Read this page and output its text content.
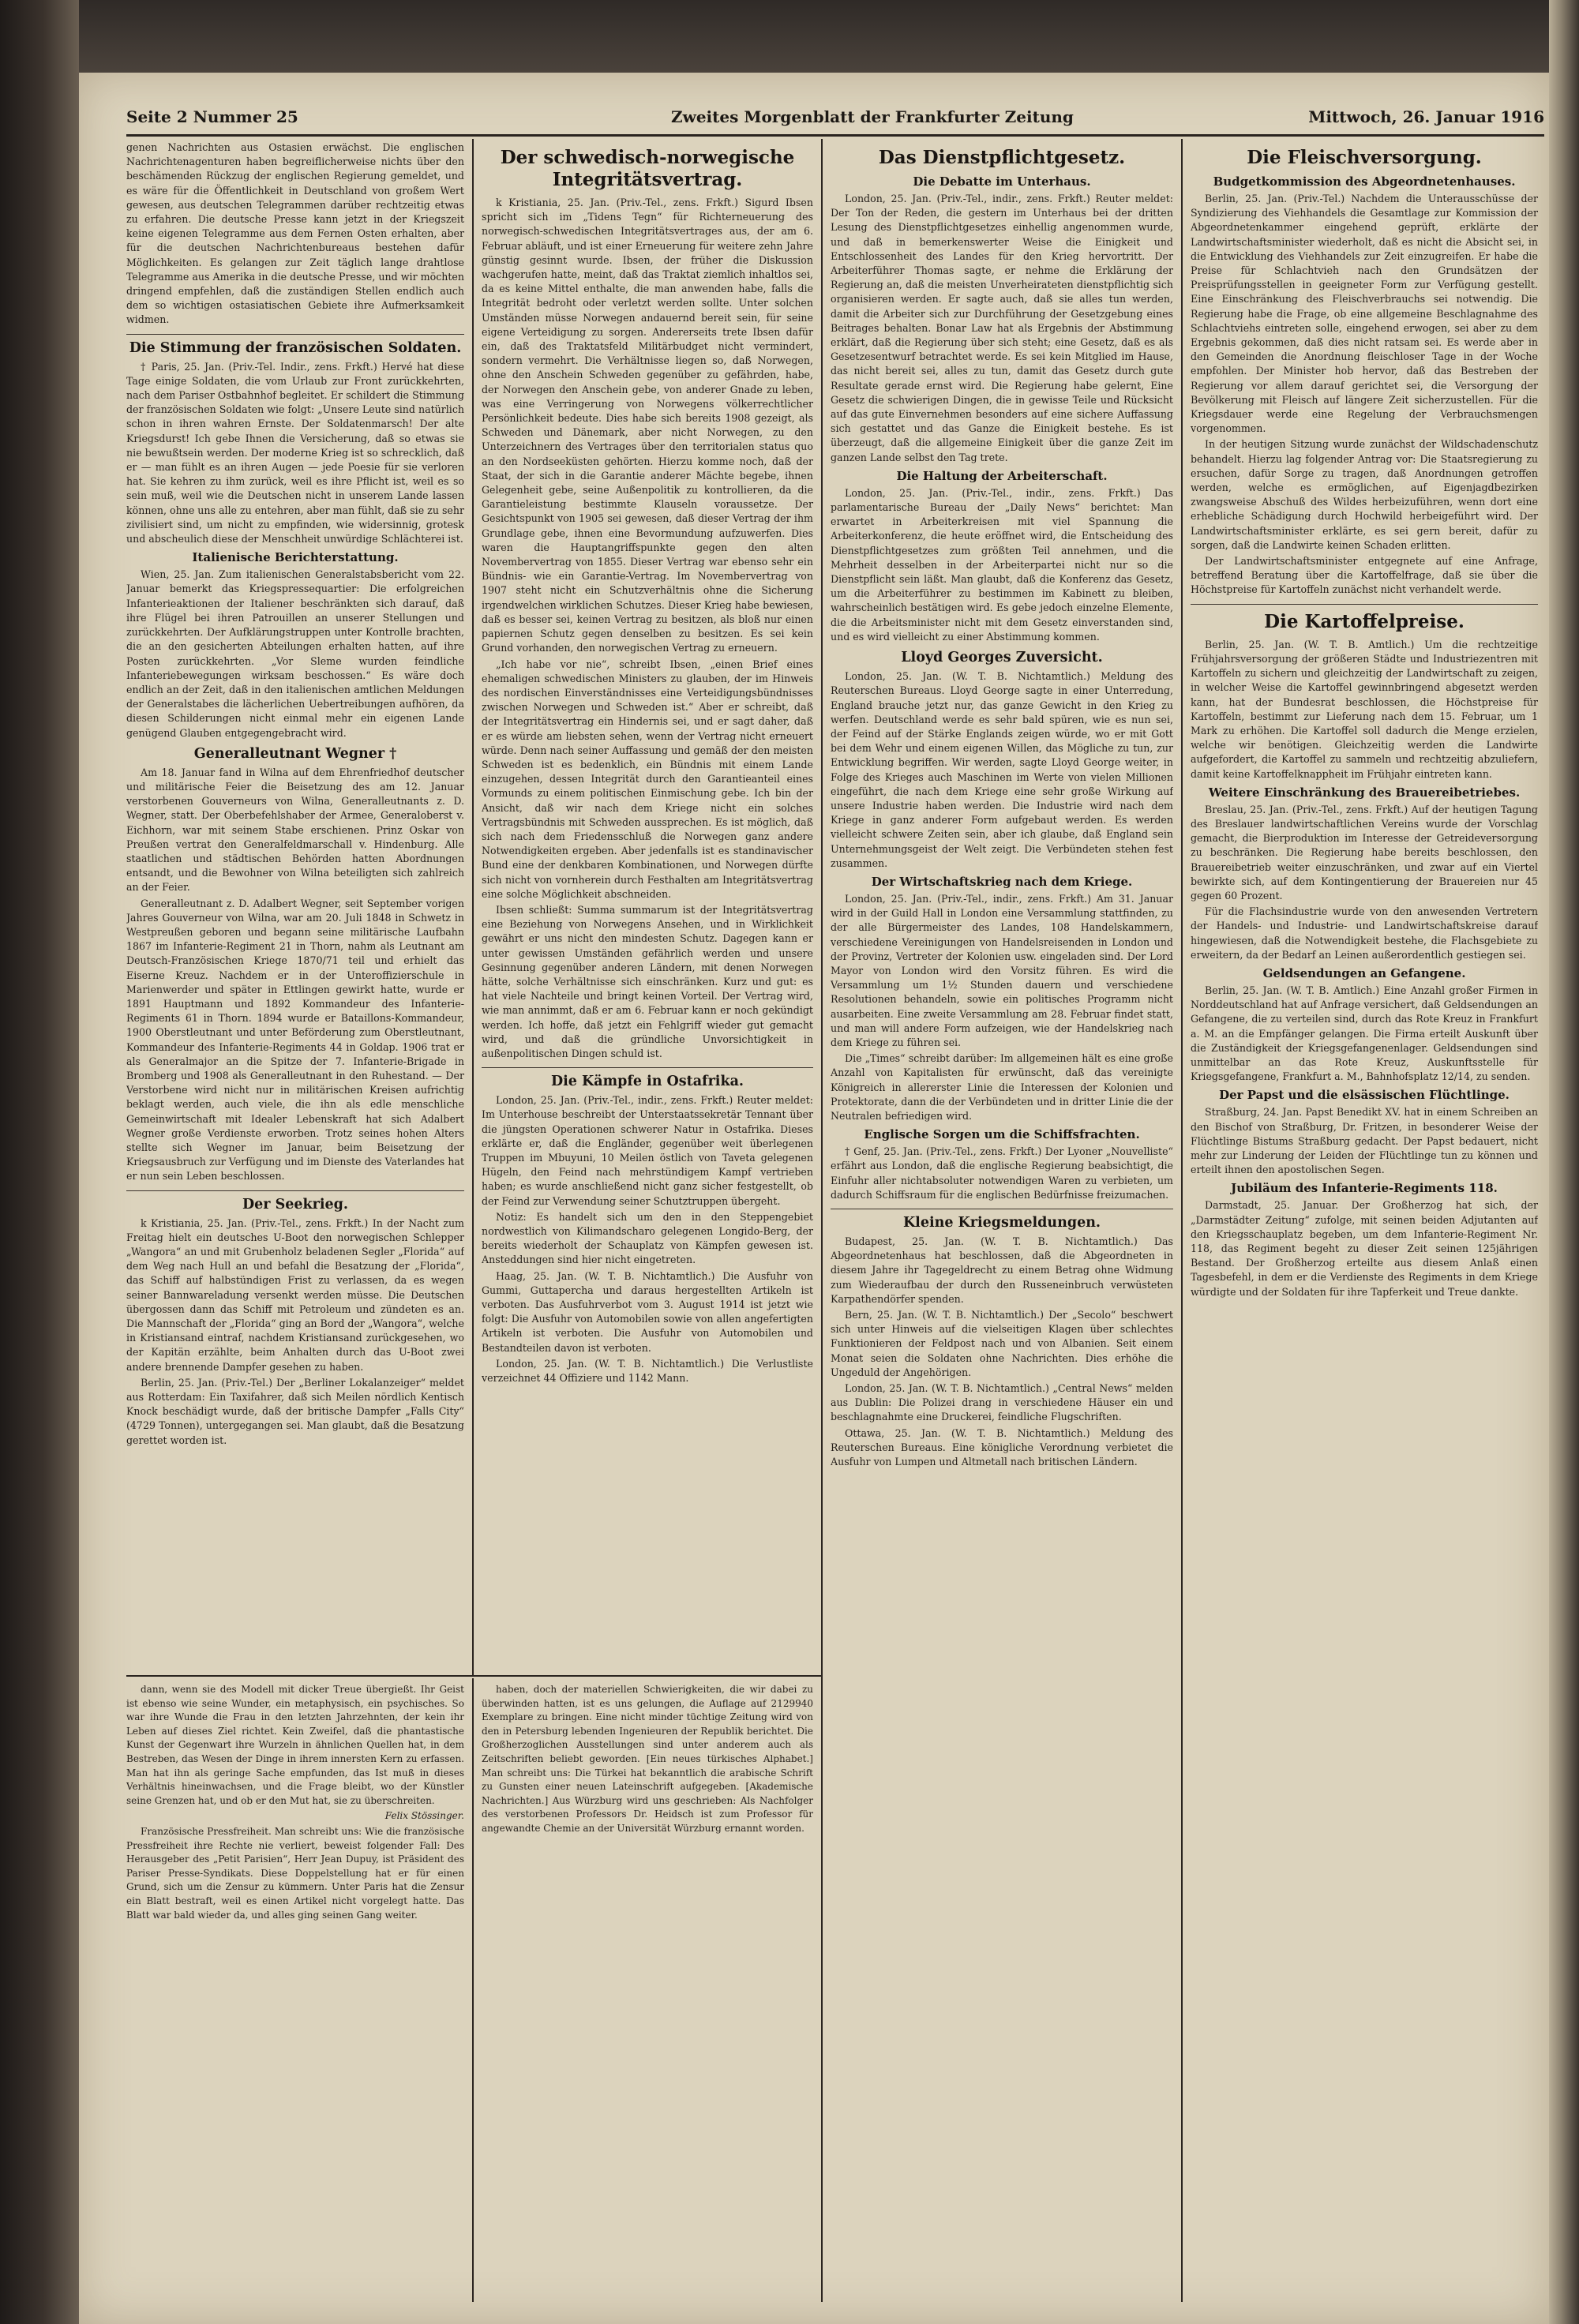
Seite 2 Nummer 25	Zweites Morgenblatt der Frankfurter Zeitung	Mittwoch, 26. Januar 1916

genen Nachrichten aus Ostasien erwächst. Die englischen Nachrichtenagenturen haben begreiflicherweise nichts über den beschämenden Rückzug der englischen Regierung gemeldet, und es wäre für die Öffentlichkeit in Deutschland von großem Wert gewesen, aus deutschen Telegrammen darüber rechtzeitig etwas zu erfahren. Die deutsche Presse kann jetzt in der Kriegszeit keine eigenen Telegramme aus dem Fernen Osten erhalten, aber für die deutschen Nachrichtenbureaus bestehen dafür Möglichkeiten. Es gelangen zur Zeit täglich lange drahtlose Telegramme aus Amerika in die deutsche Presse, und wir möchten dringend empfehlen, daß die zuständigen Stellen endlich auch dem so wichtigen ostasiatischen Gebiete ihre Aufmerksamkeit widmen.

Die Stimmung der französischen Soldaten.

† Paris, 25. Jan. (Priv.-Tel. Indir., zens. Frkft.) Hervé hat diese Tage einige Soldaten, die vom Urlaub zur Front zurückkehrten, nach dem Pariser Ostbahnhof begleitet. Er schildert die Stimmung der französischen Soldaten wie folgt: „Unsere Leute sind natürlich schon in ihren wahren Ernste. Der Soldatenmarsch! Der alte Kriegsdurst! Ich gebe Ihnen die Versicherung, daß so etwas sie nie bewußtsein werden. Der moderne Krieg ist so schrecklich, daß er — man fühlt es an ihren Augen — jede Poesie für sie verloren hat. Sie kehren zu ihm zurück, weil es ihre Pflicht ist, weil es so sein muß, weil wie die Deutschen nicht in unserem Lande lassen können, ohne uns alle zu entehren, aber man fühlt, daß sie zu sehr zivilisiert sind, um nicht zu empfinden, wie widersinnig, grotesk und abscheulich diese der Menschheit unwürdige Schlächterei ist.

Italienische Berichterstattung.

Wien, 25. Jan. Zum italienischen Generalstabsbericht vom 22. Januar bemerkt das Kriegspressequartier: Die erfolgreichen Infanterieaktionen der Italiener beschränkten sich darauf, daß ihre Flügel bei ihren Patrouillen an unserer Stellungen und zurückkehrten. Der Aufklärungstruppen unter Kontrolle brachten, die an den gesicherten Abteilungen erhalten hatten, auf ihre Posten zurückkehrten. „Vor Sleme wurden feindliche Infanteriebewegungen wirksam beschossen.“ Es wäre doch endlich an der Zeit, daß in den italienischen amtlichen Meldungen der Generalstabes die lächerlichen Uebertreibungen aufhören, da diesen Schilderungen nicht einmal mehr ein eigenen Lande genügend Glauben entgegengebracht wird.

Generalleutnant Wegner †

Am 18. Januar fand in Wilna auf dem Ehrenfriedhof deutscher und militärische Feier die Beisetzung des am 12. Januar verstorbenen Gouverneurs von Wilna, Generalleutnants z. D. Wegner, statt. Der Oberbefehlshaber der Armee, Generaloberst v. Eichhorn, war mit seinem Stabe erschienen. Prinz Oskar von Preußen vertrat den Generalfeldmarschall v. Hindenburg. Alle staatlichen und städtischen Behörden hatten Abordnungen entsandt, und die Bewohner von Wilna beteiligten sich zahlreich an der Feier.

Generalleutnant z. D. Adalbert Wegner, seit September vorigen Jahres Gouverneur von Wilna, war am 20. Juli 1848 in Schwetz in Westpreußen geboren und begann seine militärische Laufbahn 1867 im Infanterie-Regiment 21 in Thorn, nahm als Leutnant am Deutsch-Französischen Kriege 1870/71 teil und erhielt das Eiserne Kreuz. Nachdem er in der Unteroffizierschule in Marienwerder und später in Ettlingen gewirkt hatte, wurde er 1891 Hauptmann und 1892 Kommandeur des Infanterie-Regiments 61 in Thorn. 1894 wurde er Bataillons-Kommandeur, 1900 Oberstleutnant und unter Beförderung zum Oberstleutnant, Kommandeur des Infanterie-Regiments 44 in Goldap. 1906 trat er als Generalmajor an die Spitze der 7. Infanterie-Brigade in Bromberg und 1908 als Generalleutnant in den Ruhestand. — Der Verstorbene wird nicht nur in militärischen Kreisen aufrichtig beklagt werden, auch viele, die ihn als edle menschliche Gemeinwirtschaft mit Idealer Lebenskraft hat sich Adalbert Wegner große Verdienste erworben. Trotz seines hohen Alters stellte sich Wegner im Januar, beim Beisetzung der Kriegsausbruch zur Verfügung und im Dienste des Vaterlandes hat er nun sein Leben beschlossen.

Der Seekrieg.

k Kristiania, 25. Jan. (Priv.-Tel., zens. Frkft.) In der Nacht zum Freitag hielt ein deutsches U-Boot den norwegischen Schlepper „Wangora“ an und mit Grubenholz beladenen Segler „Florida“ auf dem Weg nach Hull an und befahl die Besatzung der „Florida“, das Schiff auf halbstündigen Frist zu verlassen, da es wegen seiner Bannwareladung versenkt werden müsse. Die Deutschen übergossen dann das Schiff mit Petroleum und zündeten es an. Die Mannschaft der „Florida“ ging an Bord der „Wangora“, welche in Kristiansand eintraf, nachdem Kristiansand zurückgesehen, wo der Kapitän erzählte, beim Anhalten durch das U-Boot zwei andere brennende Dampfer gesehen zu haben.

Berlin, 25. Jan. (Priv.-Tel.) Der „Berliner Lokalanzeiger“ meldet aus Rotterdam: Ein Taxifahrer, daß sich Meilen nördlich Kentisch Knock beschädigt wurde, daß der britische Dampfer „Falls City“ (4729 Tonnen), untergegangen sei. Man glaubt, daß die Besatzung gerettet worden ist.

Der schwedisch-norwegische Integritätsvertrag.

k Kristiania, 25. Jan. (Priv.-Tel., zens. Frkft.) Sigurd Ibsen spricht sich im „Tidens Tegn“ für Richterneuerung des norwegisch-schwedischen Integritätsvertrages aus, der am 6. Februar abläuft, und ist einer Erneuerung für weitere zehn Jahre günstig gesinnt wurde. Ibsen, der früher die Diskussion wachgerufen hatte, meint, daß das Traktat ziemlich inhaltlos sei, da es keine Mittel enthalte, die man anwenden habe, falls die Integrität bedroht oder verletzt werden sollte. Unter solchen Umständen müsse Norwegen andauernd bereit sein, für seine eigene Verteidigung zu sorgen. Andererseits trete Ibsen dafür ein, daß des Traktatsfeld Militärbudget nicht vermindert, sondern vermehrt. Die Verhältnisse liegen so, daß Norwegen, ohne den Anschein Schweden gegenüber zu gefährden, habe, der Norwegen den Anschein gebe, von anderer Gnade zu leben, was eine Verringerung von Norwegens völkerrechtlicher Persönlichkeit bedeute. Dies habe sich bereits 1908 gezeigt, als Schweden und Dänemark, aber nicht Norwegen, zu den Unterzeichnern des Vertrages über den territorialen status quo an den Nordseeküsten gehörten. Hierzu komme noch, daß der Staat, der sich in die Garantie anderer Mächte begebe, ihnen Gelegenheit gebe, seine Außenpolitik zu kontrollieren, da die Garantieleistung bestimmte Klauseln voraussetze. Der Gesichtspunkt von 1905 sei gewesen, daß dieser Vertrag der ihm Grundlage gebe, ihnen eine Bevormundung aufzuwerfen. Dies waren die Hauptangriffspunkte gegen den alten Novembervertrag von 1855. Dieser Vertrag war ebenso sehr ein Bündnis- wie ein Garantie-Vertrag. Im Novembervertrag von 1907 steht nicht ein Schutzverhältnis ohne die Sicherung irgendwelchen wirklichen Schutzes. Dieser Krieg habe bewiesen, daß es besser sei, keinen Vertrag zu besitzen, als bloß nur einen papiernen Schutz gegen denselben zu besitzen. Es sei kein Grund vorhanden, den norwegischen Vertrag zu erneuern.

„Ich habe vor nie“, schreibt Ibsen, „einen Brief eines ehemaligen schwedischen Ministers zu glauben, der im Hinweis des nordischen Einverständnisses eine Verteidigungsbündnisses zwischen Norwegen und Schweden ist.“ Aber er schreibt, daß der Integritätsvertrag ein Hindernis sei, und er sagt daher, daß er es würde am liebsten sehen, wenn der Vertrag nicht erneuert würde. Denn nach seiner Auffassung und gemäß der den meisten Schweden ist es bedenklich, ein Bündnis mit einem Lande einzugehen, dessen Integrität durch den Garantieanteil eines Vormunds zu einem politischen Einmischung gebe. Ich bin der Ansicht, daß wir nach dem Kriege nicht ein solches Vertragsbündnis mit Schweden aussprechen. Es ist möglich, daß sich nach dem Friedensschluß die Norwegen ganz andere Notwendigkeiten ergeben. Aber jedenfalls ist es standinavischer Bund eine der denkbaren Kombinationen, und Norwegen dürfte sich nicht von vornherein durch Festhalten am Integritätsvertrag eine solche Möglichkeit abschneiden.

Ibsen schließt: Summa summarum ist der Integritätsvertrag eine Beziehung von Norwegens Ansehen, und in Wirklichkeit gewährt er uns nicht den mindesten Schutz. Dagegen kann er unter gewissen Umständen gefährlich werden und unsere Gesinnung gegenüber anderen Ländern, mit denen Norwegen hätte, solche Verhältnisse sich einschränken. Kurz und gut: es hat viele Nachteile und bringt keinen Vorteil. Der Vertrag wird, wie man annimmt, daß er am 6. Februar kann er noch gekündigt werden. Ich hoffe, daß jetzt ein Fehlgriff wieder gut gemacht wird, und daß die gründliche Unvorsichtigkeit in außenpolitischen Dingen schuld ist.

Die Kämpfe in Ostafrika.

London, 25. Jan. (Priv.-Tel., indir., zens. Frkft.) Reuter meldet: Im Unterhouse beschreibt der Unterstaatssekretär Tennant über die jüngsten Operationen schwerer Natur in Ostafrika. Dieses erklärte er, daß die Engländer, gegenüber weit überlegenen Truppen im Mbuyuni, 10 Meilen östlich von Taveta gelegenen Hügeln, den Feind nach mehrstündigem Kampf vertrieben haben; es wurde anschließend nicht ganz sicher festgestellt, ob der Feind zur Verwendung seiner Schutztruppen übergeht.

Notiz: Es handelt sich um den in den Steppengebiet nordwestlich von Kilimandscharo gelegenen Longido-Berg, der bereits wiederholt der Schauplatz von Kämpfen gewesen ist. Ansteddungen sind hier nicht eingetreten.

Haag, 25. Jan. (W. T. B. Nichtamtlich.) Die Ausfuhr von Gummi, Guttapercha und daraus hergestellten Artikeln ist verboten. Das Ausfuhrverbot vom 3. August 1914 ist jetzt wie folgt: Die Ausfuhr von Automobilen sowie von allen angefertigten Artikeln ist verboten. Die Ausfuhr von Automobilen und Bestandteilen davon ist verboten.

London, 25. Jan. (W. T. B. Nichtamtlich.) Die Verlustliste verzeichnet 44 Offiziere und 1142 Mann.

Das Dienstpflichtgesetz.
Die Debatte im Unterhaus.

London, 25. Jan. (Priv.-Tel., indir., zens. Frkft.) Reuter meldet: Der Ton der Reden, die gestern im Unterhaus bei der dritten Lesung des Dienstpflichtgesetzes einhellig angenommen wurde, und daß in bemerkenswerter Weise die Einigkeit und Entschlossenheit des Landes für den Krieg hervortritt. Der Arbeiterführer Thomas sagte, er nehme die Erklärung der Regierung an, daß die meisten Unverheirateten dienstpflichtig sich organisieren werden. Er sagte auch, daß sie alles tun werden, damit die Arbeiter sich zur Durchführung der Gesetzgebung eines Beitrages behalten. Bonar Law hat als Ergebnis der Abstimmung erklärt, daß die Regierung über sich steht; eine Gesetz, daß es als Gesetzesentwurf betrachtet werde. Es sei kein Mitglied im Hause, das nicht bereit sei, alles zu tun, damit das Gesetz durch gute Resultate gerade ernst wird. Die Regierung habe gelernt, Eine Gesetz die schwierigen Dingen, die in gewisse Teile und Rücksicht auf das gute Einvernehmen besonders auf eine sichere Auffassung sich gestattet und das Ganze die Einigkeit bestehe. Es ist überzeugt, daß die allgemeine Einigkeit über die ganze Zeit im ganzen Lande selbst den Tag trete.

Die Haltung der Arbeiterschaft.

London, 25. Jan. (Priv.-Tel., indir., zens. Frkft.) Das parlamentarische Bureau der „Daily News“ berichtet: Man erwartet in Arbeiterkreisen mit viel Spannung die Arbeiterkonferenz, die heute eröffnet wird, die Entscheidung des Dienstpflichtgesetzes zum größten Teil annehmen, und die Mehrheit desselben in der Arbeiterpartei nicht nur so die Dienstpflicht sein läßt. Man glaubt, daß die Konferenz das Gesetz, um die Arbeiterführer zu bestimmen im Kabinett zu bleiben, wahrscheinlich bestätigen wird. Es gebe jedoch einzelne Elemente, die die Arbeitsminister nicht mit dem Gesetz einverstanden sind, und es wird vielleicht zu einer Abstimmung kommen.

Lloyd Georges Zuversicht.

London, 25. Jan. (W. T. B. Nichtamtlich.) Meldung des Reuterschen Bureaus. Lloyd George sagte in einer Unterredung, England brauche jetzt nur, das ganze Gewicht in den Krieg zu werfen. Deutschland werde es sehr bald spüren, wie es nun sei, der Feind auf der Stärke Englands zeigen würde, wo er mit Gott bei dem Wehr und einem eigenen Willen, das Mögliche zu tun, zur Entwicklung begriffen. Wir werden, sagte Lloyd George weiter, in Folge des Krieges auch Maschinen im Werte von vielen Millionen eingeführt, die nach dem Kriege eine sehr große Wirkung auf unsere Industrie haben werden. Die Industrie wird nach dem Kriege in ganz anderer Form aufgebaut werden. Es werden vielleicht schwere Zeiten sein, aber ich glaube, daß England sein Unternehmungsgeist der Welt zeigt. Die Verbündeten stehen fest zusammen.

Der Wirtschaftskrieg nach dem Kriege.

London, 25. Jan. (Priv.-Tel., indir., zens. Frkft.) Am 31. Januar wird in der Guild Hall in London eine Versammlung stattfinden, zu der alle Bürgermeister des Landes, 108 Handelskammern, verschiedene Vereinigungen von Handelsreisenden in London und der Provinz, Vertreter der Kolonien usw. eingeladen sind. Der Lord Mayor von London wird den Vorsitz führen. Es wird die Versammlung um 1½ Stunden dauern und verschiedene Resolutionen behandeln, sowie ein politisches Programm nicht ausarbeiten. Eine zweite Versammlung am 28. Februar findet statt, und man will andere Form aufzeigen, wie der Handelskrieg nach dem Kriege zu führen sei.

Die „Times“ schreibt darüber: Im allgemeinen hält es eine große Anzahl von Kapitalisten für erwünscht, daß das vereinigte Königreich in allererster Linie die Interessen der Kolonien und Protektorate, dann die der Verbündeten und in dritter Linie die der Neutralen befriedigen wird.

Englische Sorgen um die Schiffsfrachten.

† Genf, 25. Jan. (Priv.-Tel., zens. Frkft.) Der Lyoner „Nouvelliste“ erfährt aus London, daß die englische Regierung beabsichtigt, die Einfuhr aller nichtabsoluter notwendigen Waren zu verbieten, um dadurch Schiffsraum für die englischen Bedürfnisse freizumachen.

Kleine Kriegsmeldungen.

Budapest, 25. Jan. (W. T. B. Nichtamtlich.) Das Abgeordnetenhaus hat beschlossen, daß die Abgeordneten in diesem Jahre ihr Tagegeldrecht zu einem Betrag ohne Widmung zum Wiederaufbau der durch den Russeneinbruch verwüsteten Karpathendörfer spenden.

Bern, 25. Jan. (W. T. B. Nichtamtlich.) Der „Secolo“ beschwert sich unter Hinweis auf die vielseitigen Klagen über schlechtes Funktionieren der Feldpost nach und von Albanien. Seit einem Monat seien die Soldaten ohne Nachrichten. Dies erhöhe die Ungeduld der Angehörigen.

London, 25. Jan. (W. T. B. Nichtamtlich.) „Central News“ melden aus Dublin: Die Polizei drang in verschiedene Häuser ein und beschlagnahmte eine Druckerei, feindliche Flugschriften.

Ottawa, 25. Jan. (W. T. B. Nichtamtlich.) Meldung des Reuterschen Bureaus. Eine königliche Verordnung verbietet die Ausfuhr von Lumpen und Altmetall nach britischen Ländern.

Die Fleischversorgung.
Budgetkommission des Abgeordnetenhauses.

Berlin, 25. Jan. (Priv.-Tel.) Nachdem die Unterausschüsse der Syndizierung des Viehhandels die Gesamtlage zur Kommission der Abgeordnetenkammer eingehend geprüft, erklärte der Landwirtschaftsminister wiederholt, daß es nicht die Absicht sei, in die Entwicklung des Viehhandels zur Zeit einzugreifen. Er habe die Preise für Schlachtvieh nach den Grundsätzen der Preisprüfungsstellen in geeigneter Form zur Verfügung gestellt. Eine Einschränkung des Fleischverbrauchs sei notwendig. Die Regierung habe die Frage, ob eine allgemeine Beschlagnahme des Schlachtviehs eintreten solle, eingehend erwogen, sei aber zu dem Ergebnis gekommen, daß dies nicht ratsam sei. Es werde aber in den Gemeinden die Anordnung fleischloser Tage in der Woche empfohlen. Der Minister hob hervor, daß das Bestreben der Regierung vor allem darauf gerichtet sei, die Versorgung der Bevölkerung mit Fleisch auf längere Zeit sicherzustellen. Für die Kriegsdauer werde eine Regelung der Verbrauchsmengen vorgenommen.

In der heutigen Sitzung wurde zunächst der Wildschadenschutz behandelt. Hierzu lag folgender Antrag vor: Die Staatsregierung zu ersuchen, dafür Sorge zu tragen, daß Anordnungen getroffen werden, welche es ermöglichen, auf Eigenjagdbezirken zwangsweise Abschuß des Wildes herbeizuführen, wenn dort eine erhebliche Schädigung durch Hochwild herbeigeführt wird. Der Landwirtschaftsminister erklärte, es sei gern bereit, dafür zu sorgen, daß die Landwirte keinen Schaden erlitten.

Der Landwirtschaftsminister entgegnete auf eine Anfrage, betreffend Beratung über die Kartoffelfrage, daß sie über die Höchstpreise für Kartoffeln zunächst nicht verhandelt werde.

Die Kartoffelpreise.

Berlin, 25. Jan. (W. T. B. Amtlich.) Um die rechtzeitige Frühjahrsversorgung der größeren Städte und Industriezentren mit Kartoffeln zu sichern und gleichzeitig der Landwirtschaft zu zeigen, in welcher Weise die Kartoffel gewinnbringend abgesetzt werden kann, hat der Bundesrat beschlossen, die Höchstpreise für Kartoffeln, bestimmt zur Lieferung nach dem 15. Februar, um 1 Mark zu erhöhen. Die Kartoffel soll dadurch die Menge erzielen, welche wir benötigen. Gleichzeitig werden die Landwirte aufgefordert, die Kartoffel zu sammeln und rechtzeitig abzuliefern, damit keine Kartoffelknappheit im Frühjahr eintreten kann.

Weitere Einschränkung des Brauereibetriebes.

Breslau, 25. Jan. (Priv.-Tel., zens. Frkft.) Auf der heutigen Tagung des Breslauer landwirtschaftlichen Vereins wurde der Vorschlag gemacht, die Bierproduktion im Interesse der Getreideversorgung zu beschränken. Die Regierung habe bereits beschlossen, den Brauereibetrieb weiter einzuschränken, und zwar auf ein Viertel bewirkte sich, auf dem Kontingentierung der Brauereien nur 45 gegen 60 Prozent.

Für die Flachsindustrie wurde von den anwesenden Vertretern der Handels- und Industrie- und Landwirtschaftskreise darauf hingewiesen, daß die Notwendigkeit bestehe, die Flachsgebiete zu erweitern, da der Bedarf an Leinen außerordentlich gestiegen sei.

Geldsendungen an Gefangene.

Berlin, 25. Jan. (W. T. B. Amtlich.) Eine Anzahl großer Firmen in Norddeutschland hat auf Anfrage versichert, daß Geldsendungen an Gefangene, die zu verteilen sind, durch das Rote Kreuz in Frankfurt a. M. an die Empfänger gelangen. Die Firma erteilt Auskunft über die Zuständigkeit der Kriegsgefangenenlager. Geldsendungen sind unmittelbar an das Rote Kreuz, Auskunftsstelle für Kriegsgefangene, Frankfurt a. M., Bahnhofsplatz 12/14, zu senden.

Der Papst und die elsässischen Flüchtlinge.

Straßburg, 24. Jan. Papst Benedikt XV. hat in einem Schreiben an den Bischof von Straßburg, Dr. Fritzen, in besonderer Weise der Flüchtlinge Bistums Straßburg gedacht. Der Papst bedauert, nicht mehr zur Linderung der Leiden der Flüchtlinge tun zu können und erteilt ihnen den apostolischen Segen.

Jubiläum des Infanterie-Regiments 118.

Darmstadt, 25. Januar. Der Großherzog hat sich, der „Darmstädter Zeitung“ zufolge, mit seinen beiden Adjutanten auf den Kriegsschauplatz begeben, um dem Infanterie-Regiment Nr. 118, das Regiment begeht zu dieser Zeit seinen 125jährigen Bestand. Der Großherzog erteilte aus diesem Anlaß einen Tagesbefehl, in dem er die Verdienste des Regiments in dem Kriege würdigte und der Soldaten für ihre Tapferkeit und Treue dankte.

dann, wenn sie des Modell mit dicker Treue übergießt. Ihr Geist ist ebenso wie seine Wunder, ein metaphysisch, ein psychisches. So war ihre Wunde die Frau in den letzten Jahrzehnten, der kein ihr Leben auf dieses Ziel richtet. Kein Zweifel, daß die phantastische Kunst der Gegenwart ihre Wurzeln in ähnlichen Quellen hat, in dem Bestreben, das Wesen der Dinge in ihrem innersten Kern zu erfassen. Man hat ihn als geringe Sache empfunden, das Ist muß in dieses Verhältnis hineinwachsen, und die Frage bleibt, wo der Künstler seine Grenzen hat, und ob er den Mut hat, sie zu überschreiten.

Felix Stössinger.

Französische Pressfreiheit. Man schreibt uns: Wie die französische Pressfreiheit ihre Rechte nie verliert, beweist folgender Fall: Des Herausgeber des „Petit Parisien“, Herr Jean Dupuy, ist Präsident des Pariser Presse-Syndikats. Diese Doppelstellung hat er für einen Grund, sich um die Zensur zu kümmern. Unter Paris hat die Zensur ein Blatt bestraft, weil es einen Artikel nicht vorgelegt hatte. Das Blatt war bald wieder da, und alles ging seinen Gang weiter.

haben, doch der materiellen Schwierigkeiten, die wir dabei zu überwinden hatten, ist es uns gelungen, die Auflage auf 2129940 Exemplare zu bringen. Eine nicht minder tüchtige Zeitung wird von den in Petersburg lebenden Ingenieuren der Republik berichtet. Die Großherzoglichen Ausstellungen sind unter anderem auch als Zeitschriften beliebt geworden. [Ein neues türkisches Alphabet.] Man schreibt uns: Die Türkei hat bekanntlich die arabische Schrift zu Gunsten einer neuen Lateinschrift aufgegeben. [Akademische Nachrichten.] Aus Würzburg wird uns geschrieben: Als Nachfolger des verstorbenen Professors Dr. Heidsch ist zum Professor für angewandte Chemie an der Universität Würzburg ernannt worden.
